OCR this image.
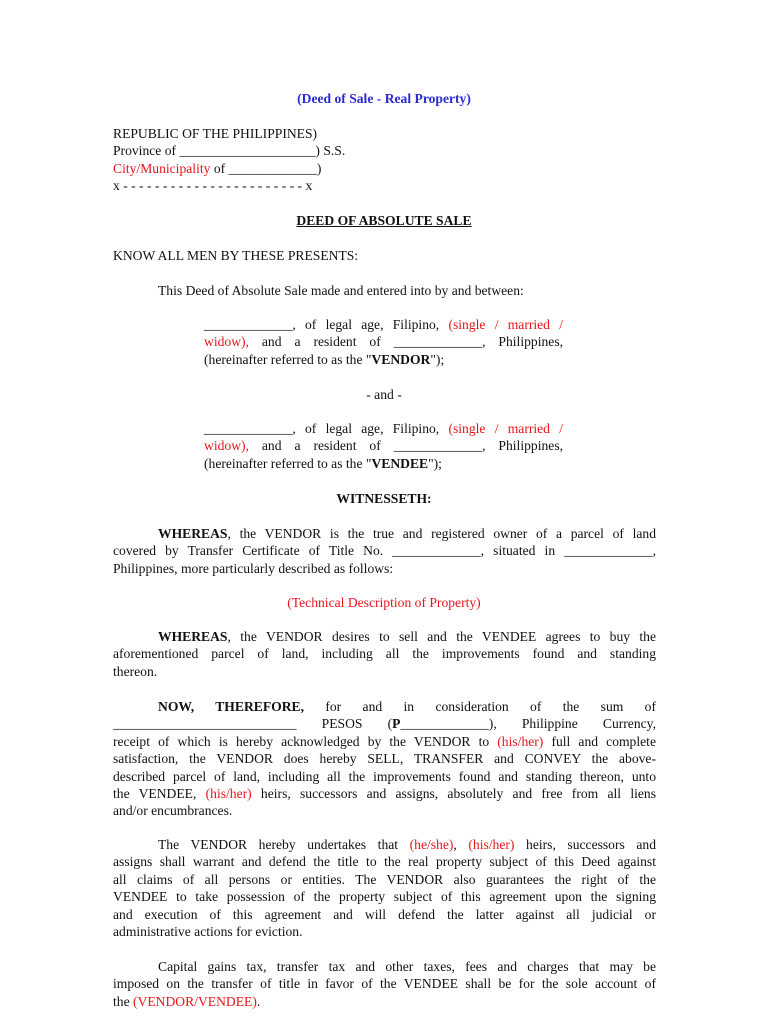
(Deed of Sale - Real Property)
REPUBLIC OF THE PHILIPPINES)
Province of ____________________) S.S.
City/Municipality of _____________)
x - - - - - - - - - - - - - - - - - - - - - - - x
DEED OF ABSOLUTE SALE
KNOW ALL MEN BY THESE PRESENTS:
This Deed of Absolute Sale made and entered into by and between:
_____________, of legal age, Filipino, (single / married /
widow), and a resident of _____________, Philippines,
(hereinafter referred to as the "VENDOR");
- and -
_____________, of legal age, Filipino, (single / married /
widow), and a resident of _____________, Philippines,
(hereinafter referred to as the "VENDEE");
WITNESSETH:
WHEREAS, the VENDOR is the true and registered owner of a parcel of land
covered by Transfer Certificate of Title No. _____________, situated in _____________,
Philippines, more particularly described as follows:
(Technical Description of Property)
WHEREAS, the VENDOR desires to sell and the VENDEE agrees to buy the
aforementioned parcel of land, including all the improvements found and standing
thereon.
NOW, THEREFORE, for and in consideration of the sum of
___________________________ PESOS (P_____________), Philippine Currency,
receipt of which is hereby acknowledged by the VENDOR to (his/her) full and complete
satisfaction, the VENDOR does hereby SELL, TRANSFER and CONVEY the above-
described parcel of land, including all the improvements found and standing thereon, unto
the VENDEE, (his/her) heirs, successors and assigns, absolutely and free from all liens
and/or encumbrances.
The VENDOR hereby undertakes that (he/she), (his/her) heirs, successors and
assigns shall warrant and defend the title to the real property subject of this Deed against
all claims of all persons or entities. The VENDOR also guarantees the right of the
VENDEE to take possession of the property subject of this agreement upon the signing
and execution of this agreement and will defend the latter against all judicial or
administrative actions for eviction.
Capital gains tax, transfer tax and other taxes, fees and charges that may be
imposed on the transfer of title in favor of the VENDEE shall be for the sole account of
the (VENDOR/VENDEE).
